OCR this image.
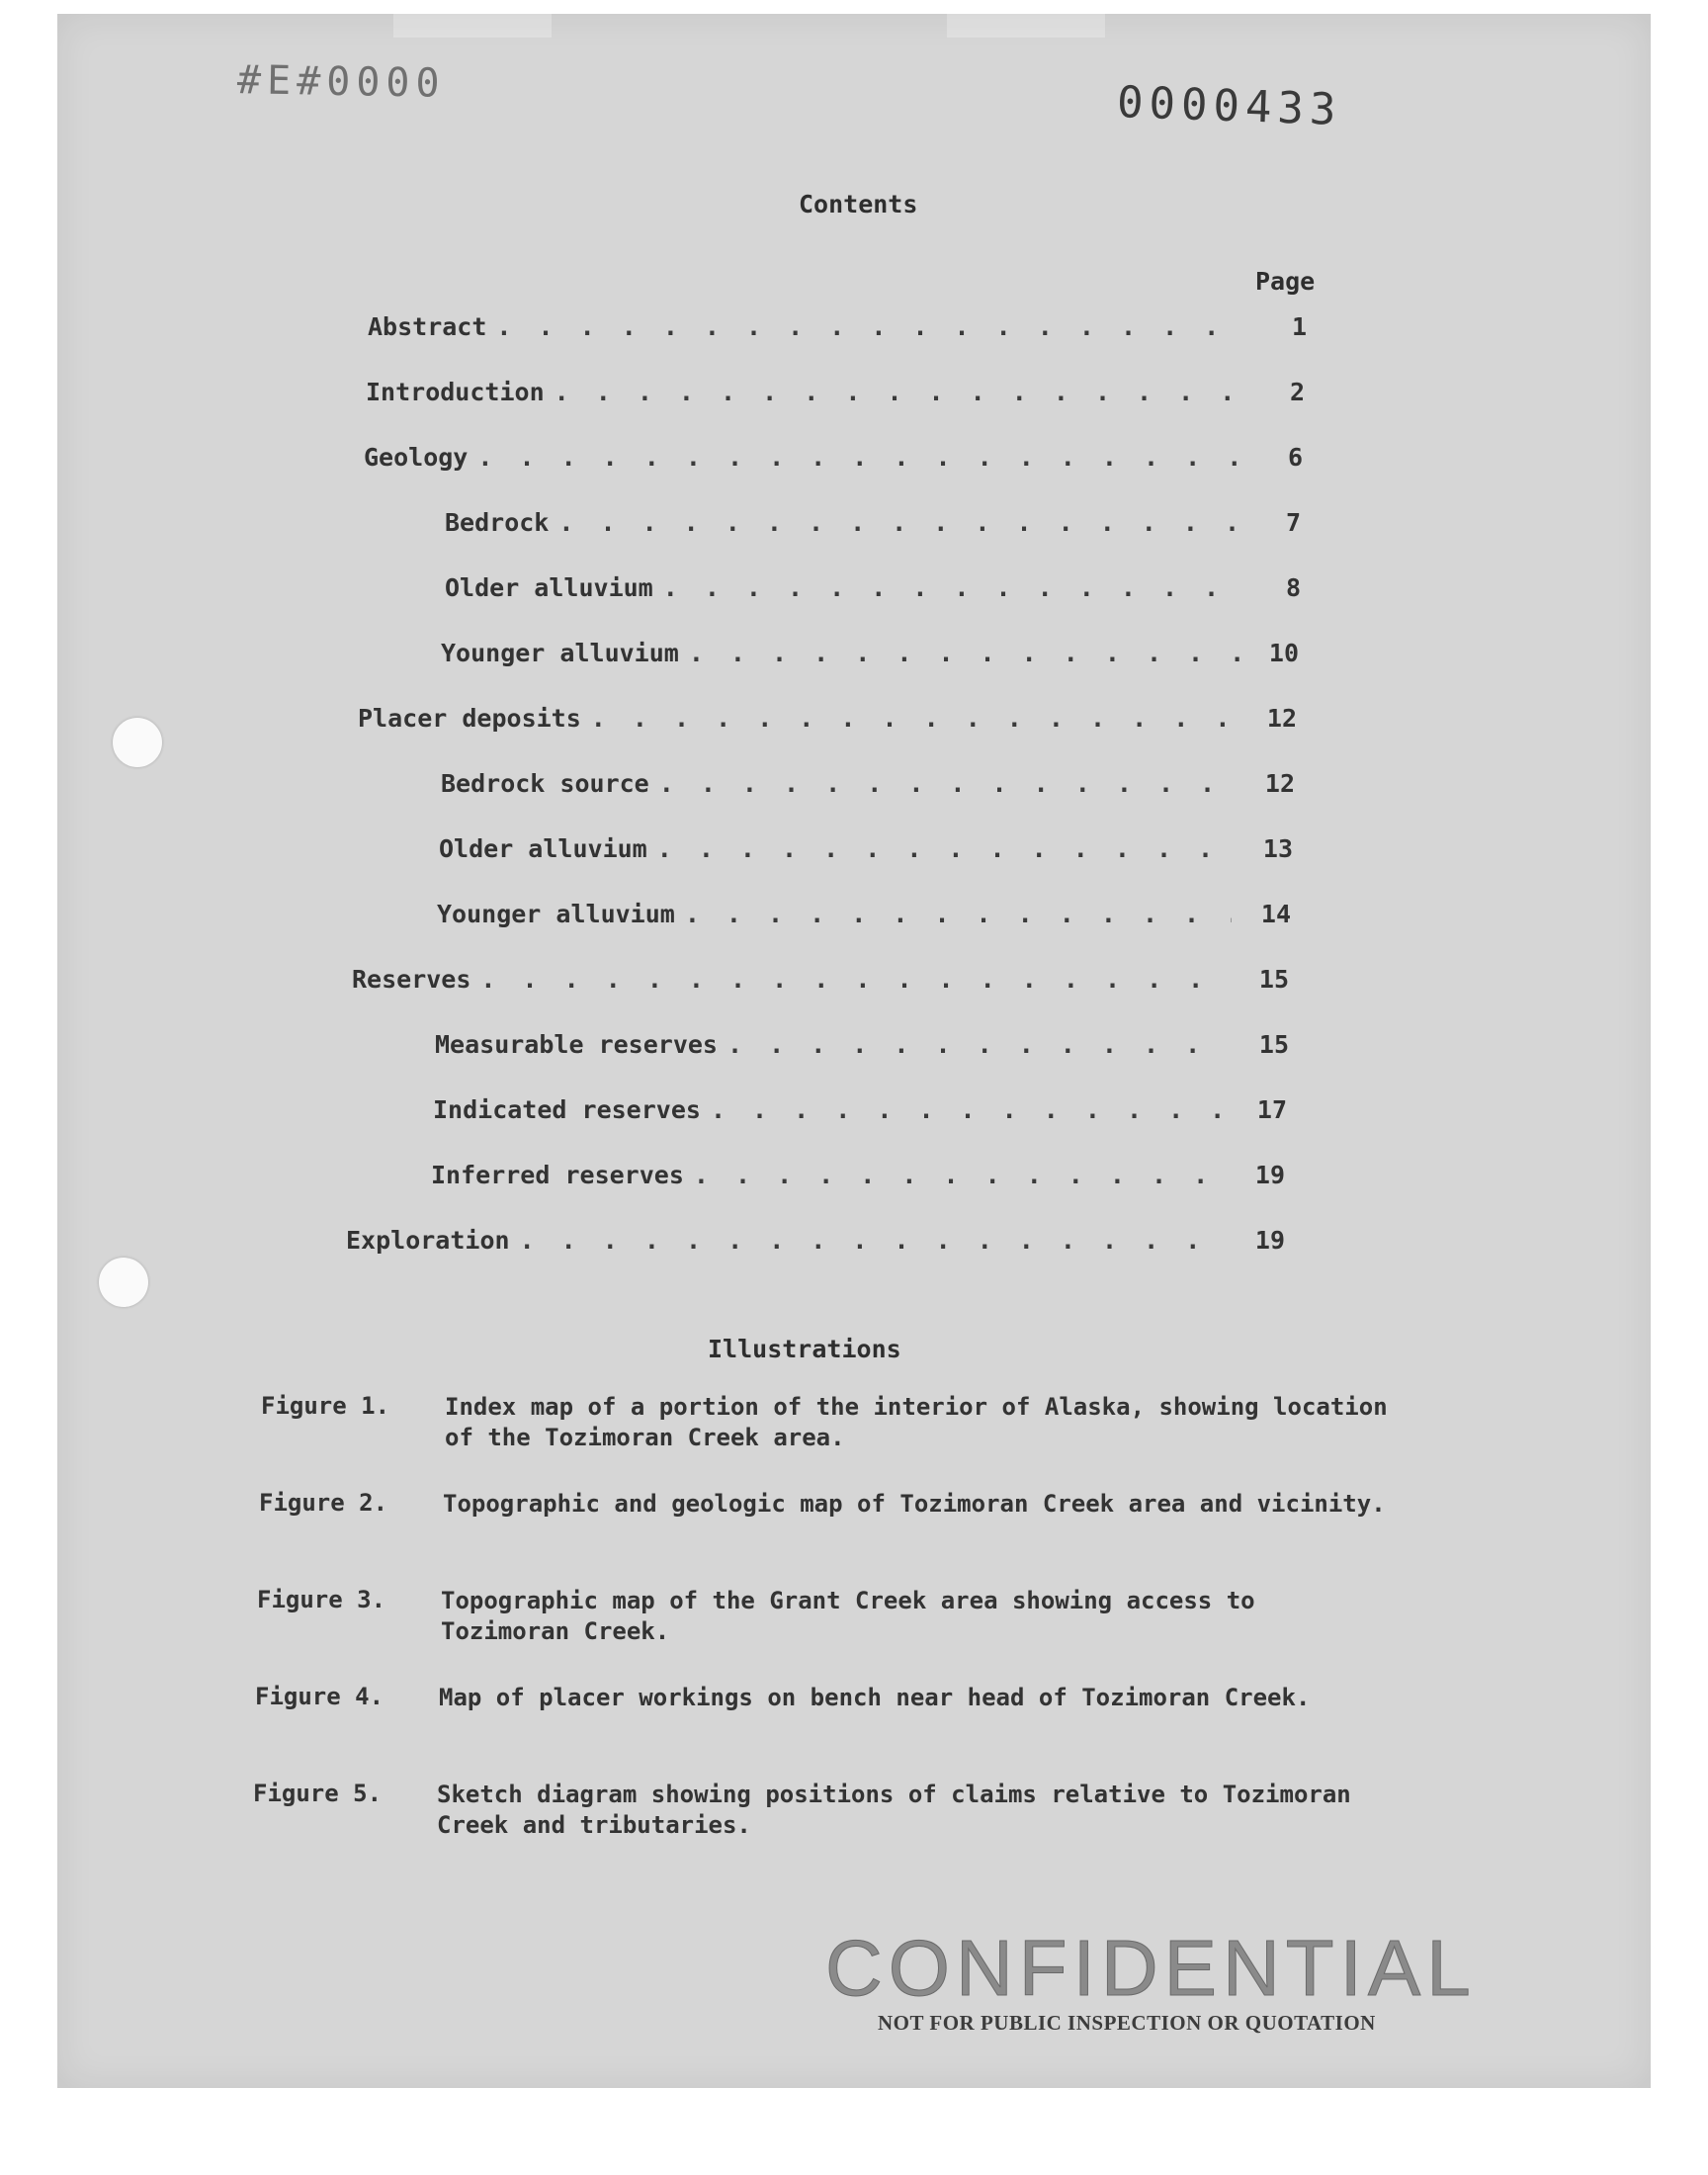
#E#0000	0000433
Contents
Page
Abstract . . .	1
Introduction . . .	2
Geology . . .	6
Bedrock . . .	7
Older alluvium . . .	8
Younger alluvium . . .	10
Placer deposits . . .	12
Bedrock source . . .	12
Older alluvium . . .	13
Younger alluvium . . .	14
Reserves . . .	15
Measurable reserves . . .	15
Indicated reserves . . .	17
Inferred reserves . . .	19
Exploration . . .	19
Illustrations
Figure 1.	Index map of a portion of the interior of Alaska, showing location of the Tozimoran Creek area.
Figure 2.	Topographic and geologic map of Tozimoran Creek area and vicinity.
Figure 3.	Topographic map of the Grant Creek area showing access to Tozimoran Creek.
Figure 4.	Map of placer workings on bench near head of Tozimoran Creek.
Figure 5.	Sketch diagram showing positions of claims relative to Tozimoran Creek and tributaries.
CONFIDENTIAL
NOT FOR PUBLIC INSPECTION OR QUOTATION
